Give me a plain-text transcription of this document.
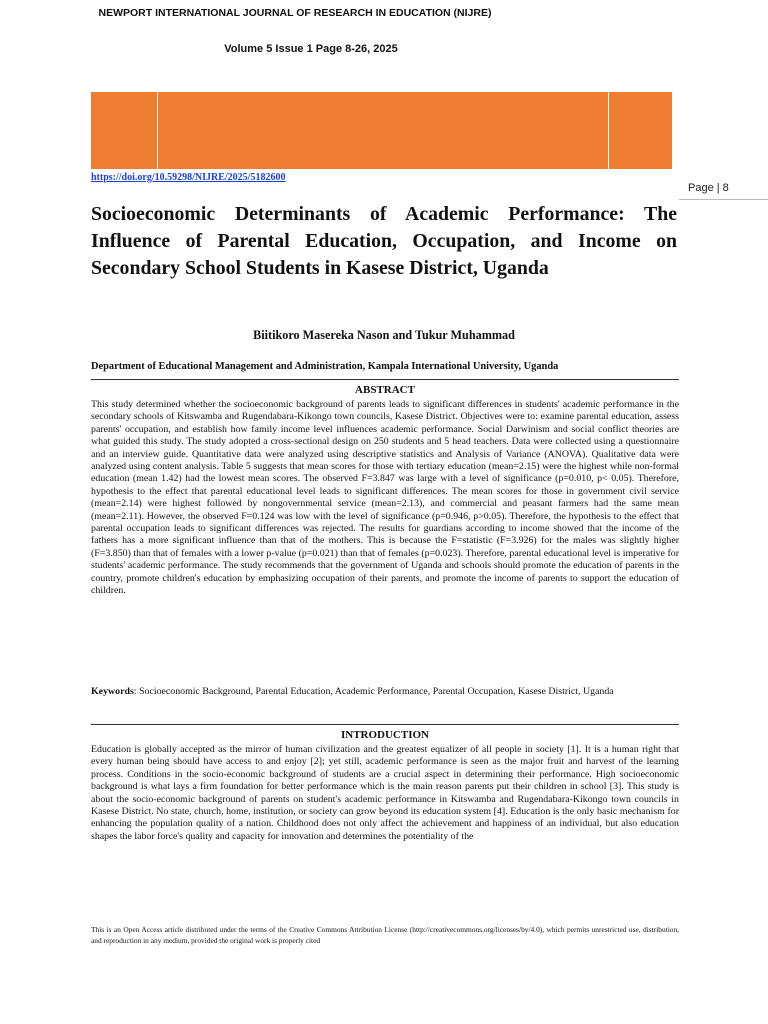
NEWPORT INTERNATIONAL JOURNAL OF RESEARCH IN EDUCATION (NIJRE)
Volume 5 Issue 1 Page 8-26, 2025
https://doi.org/10.59298/NIJRE/2025/5182600
Page | 8
Socioeconomic Determinants of Academic Performance: The Influence of Parental Education, Occupation, and Income on Secondary School Students in Kasese District, Uganda
Biitikoro Masereka Nason and Tukur Muhammad
Department of Educational Management and Administration, Kampala International University, Uganda
ABSTRACT

This study determined whether the socioeconomic background of parents leads to significant differences in students' academic performance in the secondary schools of Kitswamba and Rugendabara-Kikongo town councils, Kasese District. Objectives were to: examine parental education, assess parents' occupation, and establish how family income level influences academic performance. Social Darwinism and social conflict theories are what guided this study. The study adopted a cross-sectional design on 250 students and 5 head teachers. Data were collected using a questionnaire and an interview guide. Quantitative data were analyzed using descriptive statistics and Analysis of Variance (ANOVA). Qualitative data were analyzed using content analysis. Table 5 suggests that mean scores for those with tertiary education (mean=2.15) were the highest while non-formal education (mean 1.42) had the lowest mean scores. The observed F=3.847 was large with a level of significance (p=0.010, p< 0.05). Therefore, hypothesis to the effect that parental educational level leads to significant differences. The mean scores for those in government civil service (mean=2.14) were highest followed by nongovernmental service (mean=2.13), and commercial and peasant farmers had the same mean (mean=2.11). However, the observed F=0.124 was low with the level of significance (p=0.946, p>0.05). Therefore, the hypothesis to the effect that parental occupation leads to significant differences was rejected. The results for guardians according to income showed that the income of the fathers has a more significant influence than that of the mothers. This is because the F=statistic (F=3.926) for the males was slightly higher (F=3.850) than that of females with a lower p-value (p=0.021) than that of females (p=0.023). Therefore, parental educational level is imperative for students' academic performance. The study recommends that the government of Uganda and schools should promote the education of parents in the country, promote children's education by emphasizing occupation of their parents, and promote the income of parents to support the education of children.

Keywords: Socioeconomic Background, Parental Education, Academic Performance, Parental Occupation, Kasese District, Uganda

INTRODUCTION

Education is globally accepted as the mirror of human civilization and the greatest equalizer of all people in society [1]. It is a human right that every human being should have access to and enjoy [2]; yet still, academic performance is seen as the major fruit and harvest of the learning process. Conditions in the socio-economic background of students are a crucial aspect in determining their performance. High socioeconomic background is what lays a firm foundation for better performance which is the main reason parents put their children in school [3]. This study is about the socio-economic background of parents on student's academic performance in Kitswamba and Rugendabara-Kikongo town councils in Kasese District. No state, church, home, institution, or society can grow beyond its education system [4]. Education is the only basic mechanism for enhancing the population quality of a nation. Childhood does not only affect the achievement and happiness of an individual, but also education shapes the labor force's quality and capacity for innovation and determines the potentiality of the

This is an Open Access article distributed under the terms of the Creative Commons Attribution License (http://creativecommons.org/licenses/by/4.0), which permits unrestricted use, distribution, and reproduction in any medium, provided the original work is properly cited
